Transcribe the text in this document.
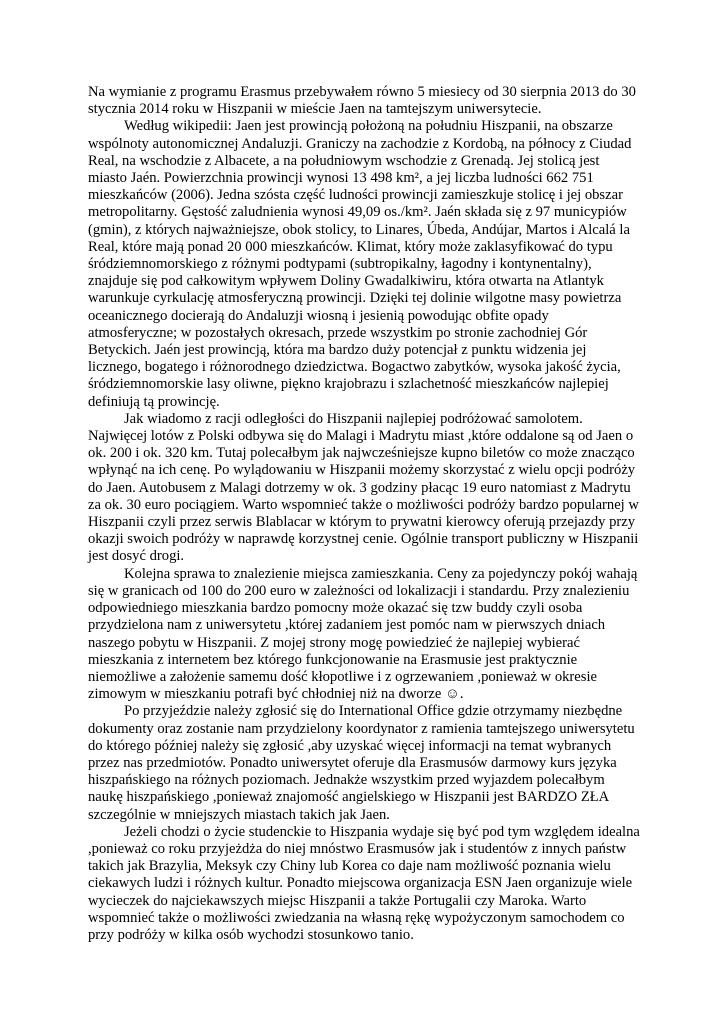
Na wymianie z programu Erasmus przebywałem równo 5 miesiecy od 30 sierpnia 2013 do 30 stycznia 2014 roku w Hiszpanii w mieście Jaen na tamtejszym uniwersytecie.

Według wikipedii: Jaen jest prowincją położoną na południu Hiszpanii, na obszarze wspólnoty autonomicznej Andaluzji. Graniczy na zachodzie z Kordobą, na północy z Ciudad Real, na wschodzie z Albacete, a na południowym wschodzie z Grenadą. Jej stolicą jest miasto Jaén. Powierzchnia prowincji wynosi 13 498 km², a jej liczba ludności 662 751 mieszkańców (2006). Jedna szósta część ludności prowincji zamieszkuje stolicę i jej obszar metropolitarny. Gęstość zaludnienia wynosi 49,09 os./km². Jaén składa się z 97 municypiów (gmin), z których najważniejsze, obok stolicy, to Linares, Úbeda, Andújar, Martos i Alcalá la Real, które mają ponad 20 000 mieszkańców. Klimat, który może zaklasyfikować do typu śródziemnomorskiego z różnymi podtypami (subtropikalny, łagodny i kontynentalny), znajduje się pod całkowitym wpływem Doliny Gwadalkiwiru, która otwarta na Atlantyk warunkuje cyrkulację atmosferyczną prowincji. Dzięki tej dolinie wilgotne masy powietrza oceanicznego docierają do Andaluzji wiosną i jesienią powodując obfite opady atmosferyczne; w pozostałych okresach, przede wszystkim po stronie zachodniej Gór Betyckich. Jaén jest prowincją, która ma bardzo duży potencjał z punktu widzenia jej licznego, bogatego i różnorodnego dziedzictwa. Bogactwo zabytków, wysoka jakość życia, śródziemnomorskie lasy oliwne, piękno krajobrazu i szlachetność mieszkańców najlepiej definiują tą prowincję.

Jak wiadomo z racji odległości do Hiszpanii najlepiej podróżować samolotem. Najwięcej lotów z Polski odbywa się do Malagi i Madrytu miast ,które oddalone są od Jaen o ok. 200 i ok. 320 km. Tutaj polecałbym jak najwcześniejsze kupno biletów co może znacząco wpłynąć na ich cenę. Po wylądowaniu w Hiszpanii możemy skorzystać z wielu opcji podróży do Jaen. Autobusem z Malagi dotrzemy w ok. 3 godziny płacąc 19 euro natomiast z Madrytu za ok. 30 euro pociągiem. Warto wspomnieć także o możliwości podróży bardzo popularnej w Hiszpanii czyli przez serwis Blablacar w którym to prywatni kierowcy oferują przejazdy przy okazji swoich podróży w naprawdę korzystnej cenie. Ogólnie transport publiczny w Hiszpanii jest dosyć drogi.

Kolejna sprawa to znalezienie miejsca zamieszkania. Ceny za pojedynczy pokój wahają się w granicach od 100 do 200 euro w zależności od lokalizacji i standardu. Przy znalezieniu odpowiedniego mieszkania bardzo pomocny może okazać się tzw buddy czyli osoba przydzielona nam z uniwersytetu ,której zadaniem jest pomóc nam w pierwszych dniach naszego pobytu w Hiszpanii. Z mojej strony mogę powiedzieć że najlepiej wybierać mieszkania z internetem bez którego funkcjonowanie na Erasmusie jest praktycznie niemożliwe a założenie samemu dość kłopotliwe i z ogrzewaniem ,ponieważ w okresie zimowym w mieszkaniu potrafi być chłodniej niż na dworze ☺.

Po przyjeździe należy zgłosić się do International Office gdzie otrzymamy niezbędne dokumenty oraz zostanie nam przydzielony koordynator z ramienia tamtejszego uniwersytetu do którego później należy się zgłosić ,aby uzyskać więcej informacji na temat wybranych przez nas przedmiotów. Ponadto uniwersytet oferuje dla Erasmusów darmowy kurs języka hiszpańskiego na różnych poziomach. Jednakże wszystkim przed wyjazdem polecałbym naukę hiszpańskiego ,ponieważ znajomość angielskiego w Hiszpanii jest BARDZO ZŁA szczególnie w mniejszych miastach takich jak Jaen.

Jeżeli chodzi o życie studenckie to Hiszpania wydaje się być pod tym względem idealna ,ponieważ co roku przyjeżdża do niej mnóstwo Erasmusów jak i studentów z innych państw takich jak Brazylia, Meksyk czy Chiny lub Korea co daje nam możliwość poznania wielu ciekawych ludzi i różnych kultur. Ponadto miejscowa organizacja ESN Jaen organizuje wiele wycieczek do najciekawszych miejsc Hiszpanii a także Portugalii czy Maroka. Warto wspomnieć także o możliwości zwiedzania na własną rękę wypożyczonym samochodem co przy podróży w kilka osób wychodzi stosunkowo tanio.
